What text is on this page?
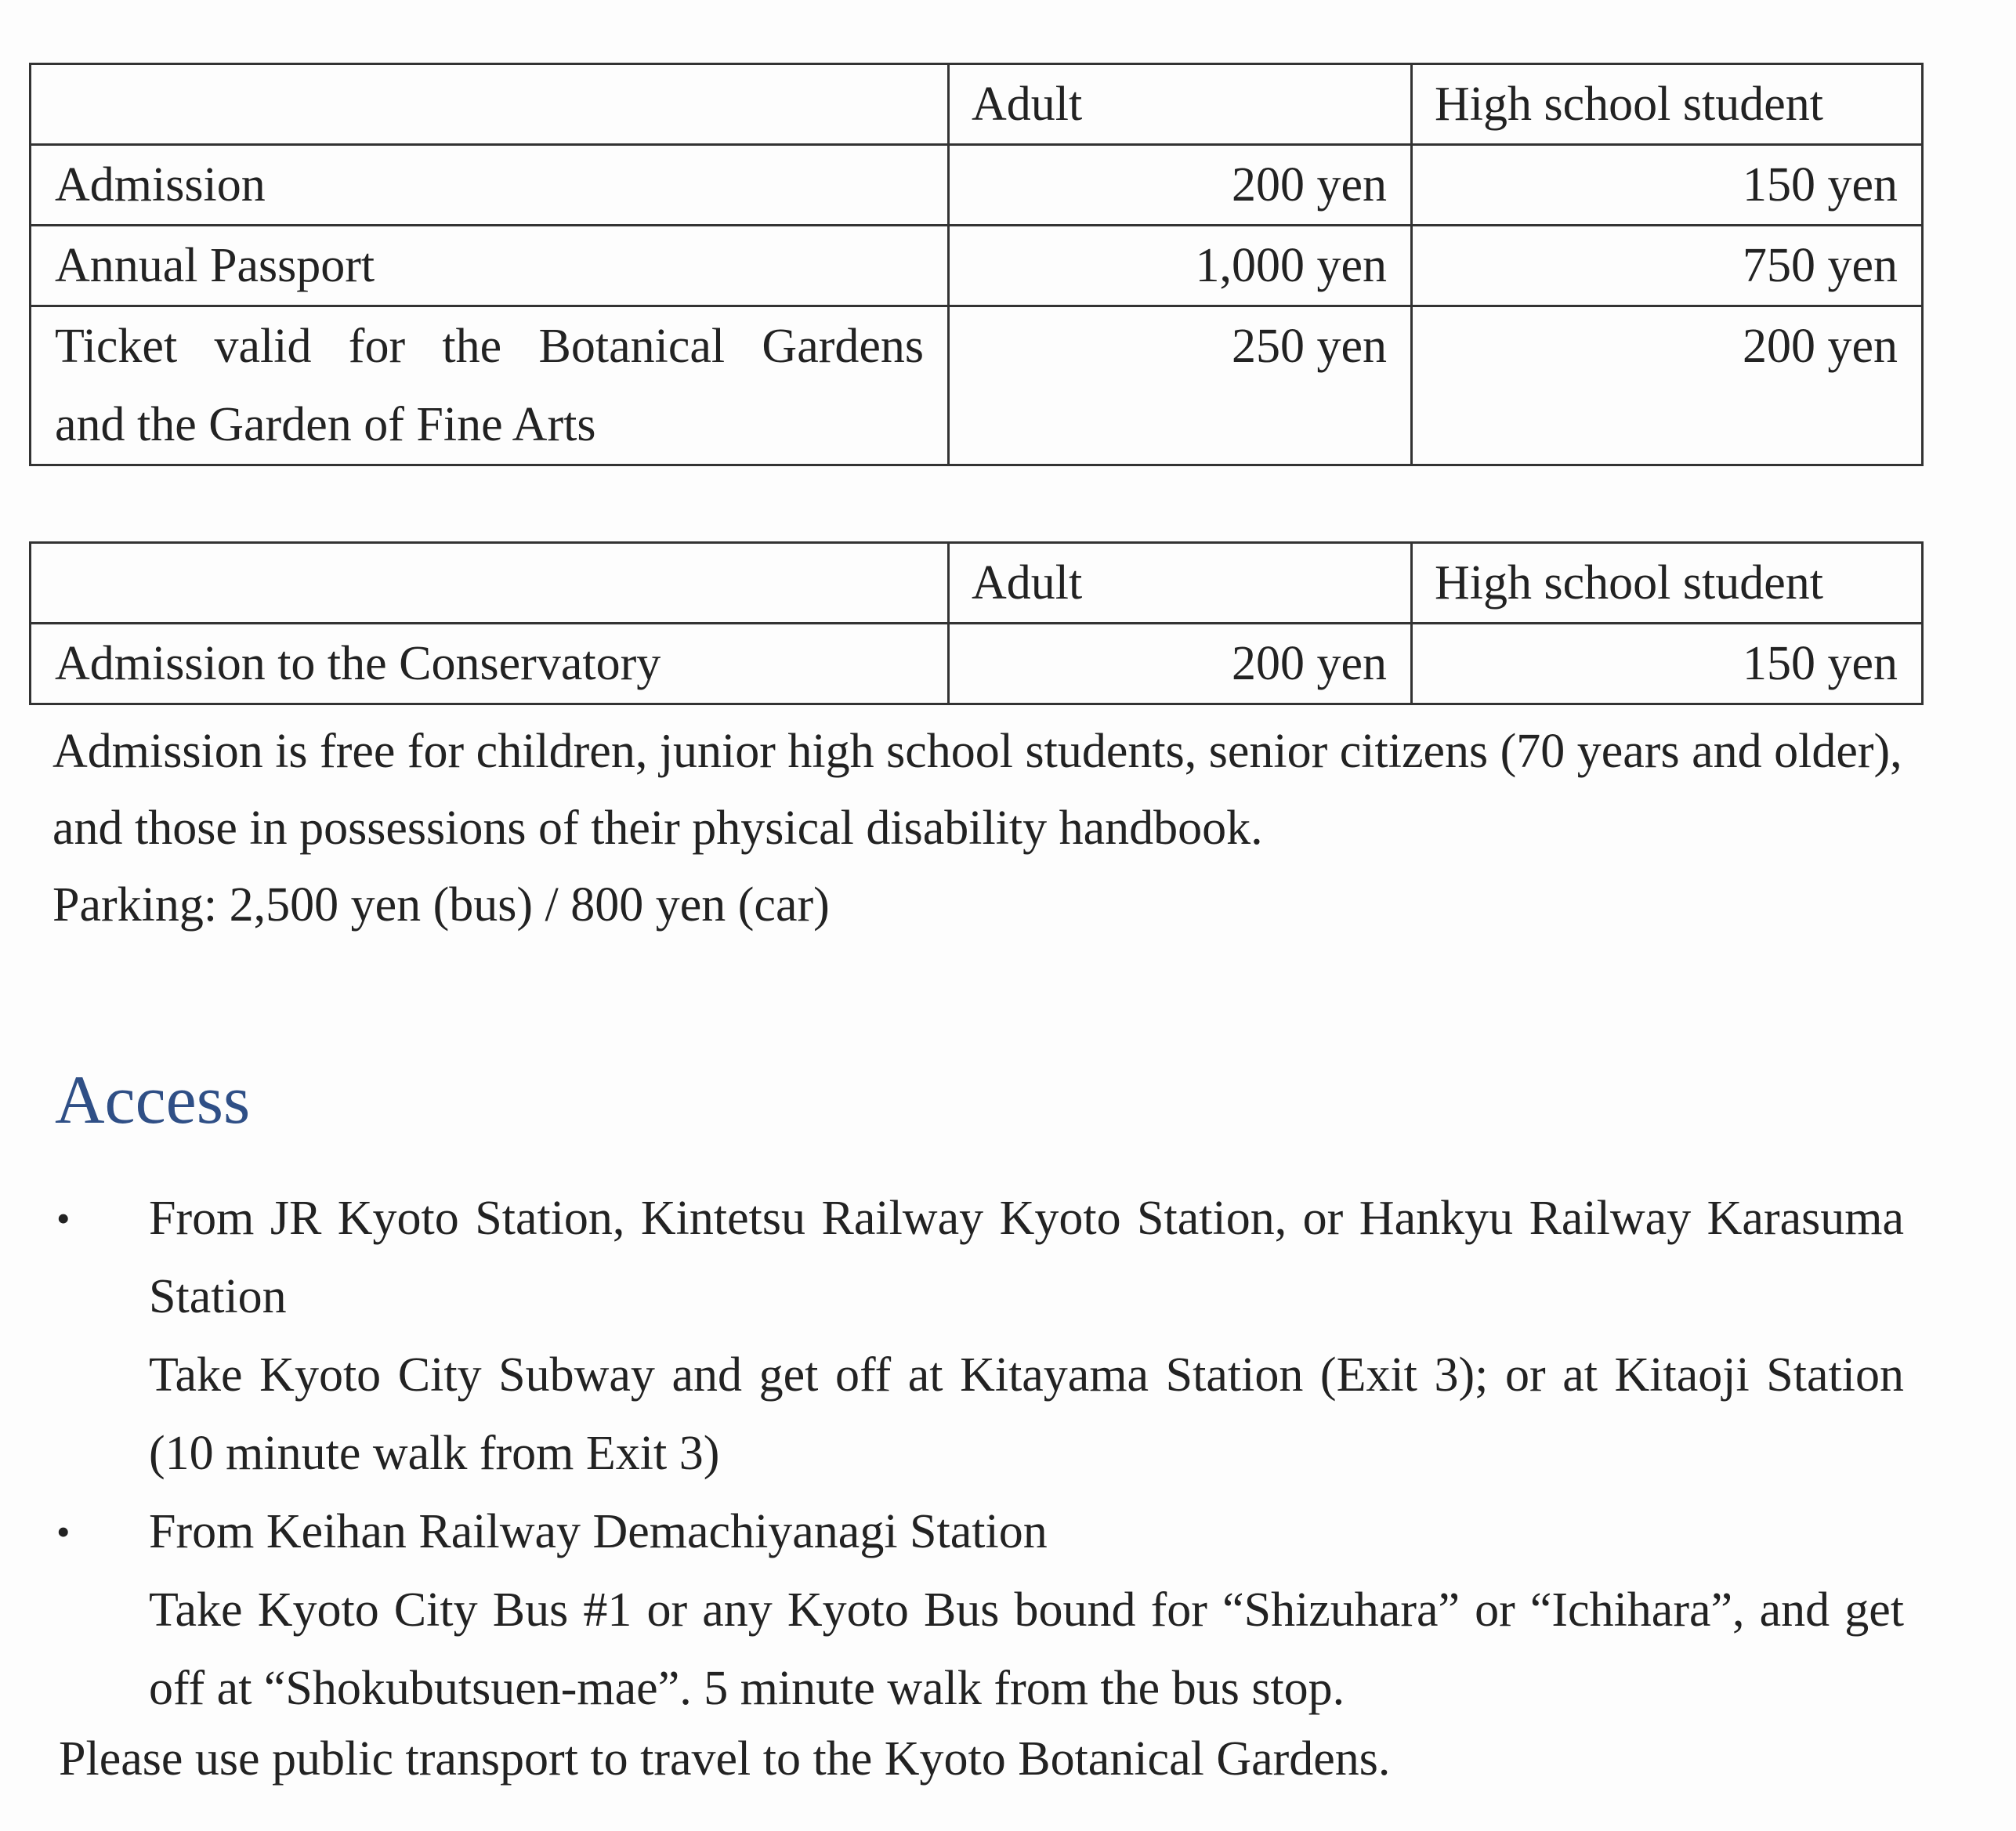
	Adult	High school student
Admission	200 yen	150 yen
Annual Passport	1,000 yen	750 yen

Ticket valid for the Botanical Gardens
and the Garden of Fine Arts	250 yen	200 yen
	Adult	High school student
Admission to the Conservatory	200 yen	150 yen

Admission is free for children, junior high school students, senior citizens (70 years and older), and those in possessions of their physical disability handbook.

Parking: 2,500 yen (bus) / 800 yen (car)

Access
• From JR Kyoto Station, Kintetsu Railway Kyoto Station, or Hankyu Railway Karasuma Station

Take Kyoto City Subway and get off at Kitayama Station (Exit 3); or at Kitaoji Station (10 minute walk from Exit 3)

• From Keihan Railway Demachiyanagi Station

Take Kyoto City Bus #1 or any Kyoto Bus bound for “Shizuhara” or “Ichihara”, and get off at “Shokubutsuen-mae”. 5 minute walk from the bus stop.

Please use public transport to travel to the Kyoto Botanical Gardens.
